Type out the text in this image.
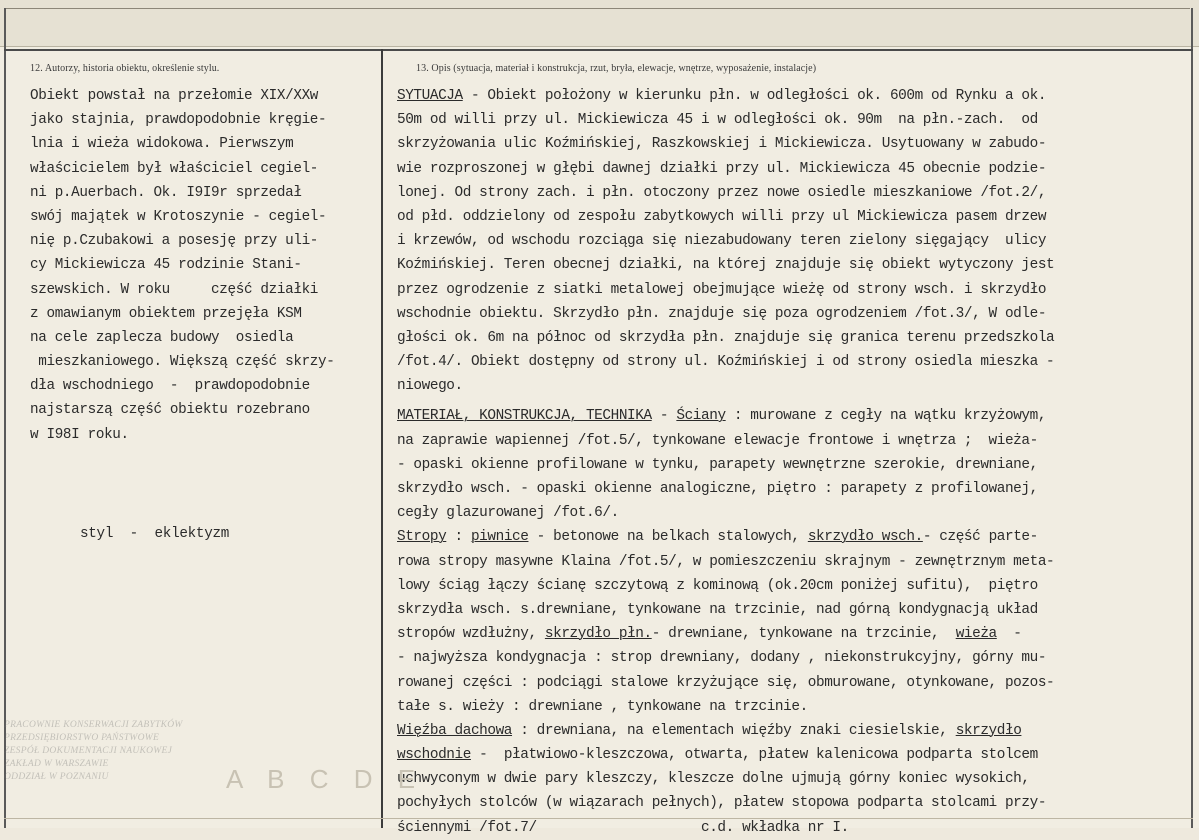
12. Autorzy, historia obiektu, określenie stylu.	13. Opis (sytuacja, materiał i konstrukcja, rzut, bryła, elewacje, wnętrze, wyposażenie, instalacje)
Obiekt powstał na przełomie XIX/XXw
jako stajnia, prawdopodobnie kręgie-
lnia i wieża widokowa. Pierwszym
właścicielem był właściciel cegiel-
ni p.Auerbach. Ok. I9I9r sprzedał
swój majątek w Krotoszynie - cegiel-
nię p.Czubakowi a posesję przy uli-
cy Mickiewicza 45 rodzinie Stani-
szewskich. W roku     część działki
z omawianym obiektem przejęła KSM
na cele zaplecza budowy  osiedla
mieszkaniowego. Większą część skrzy-
dła wschodniego  -  prawdopodobnie
najstarszą część obiektu rozebrano
w I98I roku.
styl  -  eklektyzm
SYTUACJA - Obiekt położony w kierunku płn. w odległości ok. 600m od Rynku a ok.
50m od willi przy ul. Mickiewicza 45 i w odległości ok. 90m  na płn.-zach.  od
skrzyżowania ulic Koźmińskiej, Raszkowskiej i Mickiewicza. Usytuowany w zabudo-
wie rozproszonej w głębi dawnej działki przy ul. Mickiewicza 45 obecnie podzie-
lonej. Od strony zach. i płn. otoczony przez nowe osiedle mieszkaniowe /fot.2/,
od płd. oddzielony od zespołu zabytkowych willi przy ul Mickiewicza pasem drzew
i krzewów, od wschodu rozciąga się niezabudowany teren zielony sięgający  ulicy
Koźmińskiej. Teren obecnej działki, na której znajduje się obiekt wytyczony jest
przez ogrodzenie z siatki metalowej obejmujące wieżę od strony wsch. i skrzydło
wschodnie obiektu. Skrzydło płn. znajduje się poza ogrodzeniem /fot.3/, W odle-
głości ok. 6m na północ od skrzydła płn. znajduje się granica terenu przedszkola
/fot.4/. Obiekt dostępny od strony ul. Koźmińskiej i od strony osiedla mieszka -
niowego.
MATERIAŁ, KONSTRUKCJA, TECHNIKA - Ściany : murowane z cegły na wątku krzyżowym,
na zaprawie wapiennej /fot.5/, tynkowane elewacje frontowe i wnętrza ;  wieża-
- opaski okienne profilowane w tynku, parapety wewnętrzne szerokie, drewniane,
skrzydło wsch. - opaski okienne analogiczne, piętro : parapety z profilowanej,
cegły glazurowanej /fot.6/.
Stropy : piwnice - betonowe na belkach stalowych, skrzydło wsch.- część parte-
rowa stropy masywne Klaina /fot.5/, w pomieszczeniu skrajnym - zewnętrznym meta-
lowy ściąg łączy ścianę szczytową z kominową (ok.20cm poniżej sufitu),  piętro
skrzydła wsch. s.drewniane, tynkowane na trzcinie, nad górną kondygnacją układ
stropów wzdłużny, skrzydło płn.- drewniane, tynkowane na trzcinie,  wieża  -
- najwyższa kondygnacja : strop drewniany, dodany , niekonstrukcyjny, górny mu-
rowanej części : podciągi stalowe krzyżujące się, obmurowane, otynkowane, pozos-
tałe s. wieży : drewniane , tynkowane na trzcinie.
Więźba dachowa : drewniana, na elementach więźby znaki ciesielskie, skrzydło
wschodnie -  płatwiowo-kleszczowa, otwarta, płatew kalenicowa podparta stolcem
uchwyconym w dwie pary kleszczy, kleszcze dolne ujmują górny koniec wysokich,
pochyłych stolców (w wiązarach pełnych), płatew stopowa podparta stolcami przy-
ściennymi /fot.7/                    c.d. wkładka nr I.
PRACOWNIE KONSERWACJI ZABYTKÓW
PRZEDSIĘBIORSTWO PAŃSTWOWE
ZESPÓŁ DOKUMENTACJI NAUKOWEJ
ZAKŁAD W WARSZAWIE
ODDZIAŁ W POZNANIU	A B C D E
